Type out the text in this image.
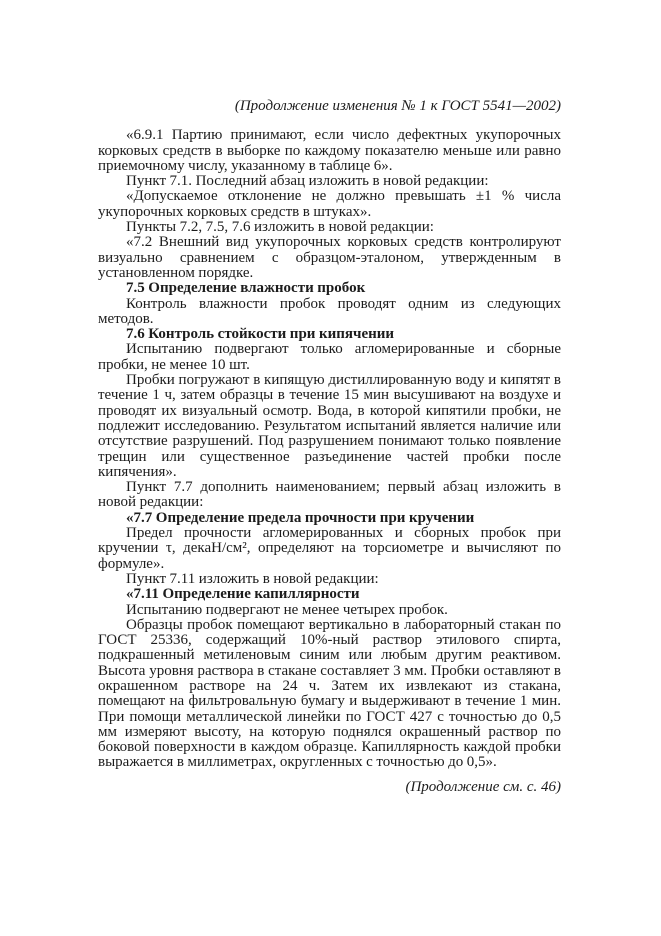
(Продолжение изменения № 1 к ГОСТ 5541—2002)

«6.9.1 Партию принимают, если число дефектных укупорочных корковых средств в выборке по каждому показателю меньше или равно приемочному числу, указанному в таблице 6».

Пункт 7.1. Последний абзац изложить в новой редакции:

«Допускаемое отклонение не должно превышать ±1 % числа укупорочных корковых средств в штуках».

Пункты 7.2, 7.5, 7.6 изложить в новой редакции:

«7.2 Внешний вид укупорочных корковых средств контролируют визуально сравнением с образцом-эталоном, утвержденным в установленном порядке.

7.5 Определение влажности пробок

Контроль влажности пробок проводят одним из следующих методов.

7.6 Контроль стойкости при кипячении

Испытанию подвергают только агломерированные и сборные пробки, не менее 10 шт.

Пробки погружают в кипящую дистиллированную воду и кипятят в течение 1 ч, затем образцы в течение 15 мин высушивают на воздухе и проводят их визуальный осмотр. Вода, в которой кипятили пробки, не подлежит исследованию. Результатом испытаний является наличие или отсутствие разрушений. Под разрушением понимают только появление трещин или существенное разъединение частей пробки после кипячения».

Пункт 7.7 дополнить наименованием; первый абзац изложить в новой редакции:

«7.7 Определение предела прочности при кручении

Предел прочности агломерированных и сборных пробок при кручении τ, декаН/см², определяют на торсиометре и вычисляют по формуле».

Пункт 7.11 изложить в новой редакции:

«7.11 Определение капиллярности

Испытанию подвергают не менее четырех пробок.

Образцы пробок помещают вертикально в лабораторный стакан по ГОСТ 25336, содержащий 10%-ный раствор этилового спирта, подкрашенный метиленовым синим или любым другим реактивом. Высота уровня раствора в стакане составляет 3 мм. Пробки оставляют в окрашенном растворе на 24 ч. Затем их извлекают из стакана, помещают на фильтровальную бумагу и выдерживают в течение 1 мин. При помощи металлической линейки по ГОСТ 427 с точностью до 0,5 мм измеряют высоту, на которую поднялся окрашенный раствор по боковой поверхности в каждом образце. Капиллярность каждой пробки выражается в миллиметрах, округленных с точностью до 0,5».

(Продолжение см. с. 46)
